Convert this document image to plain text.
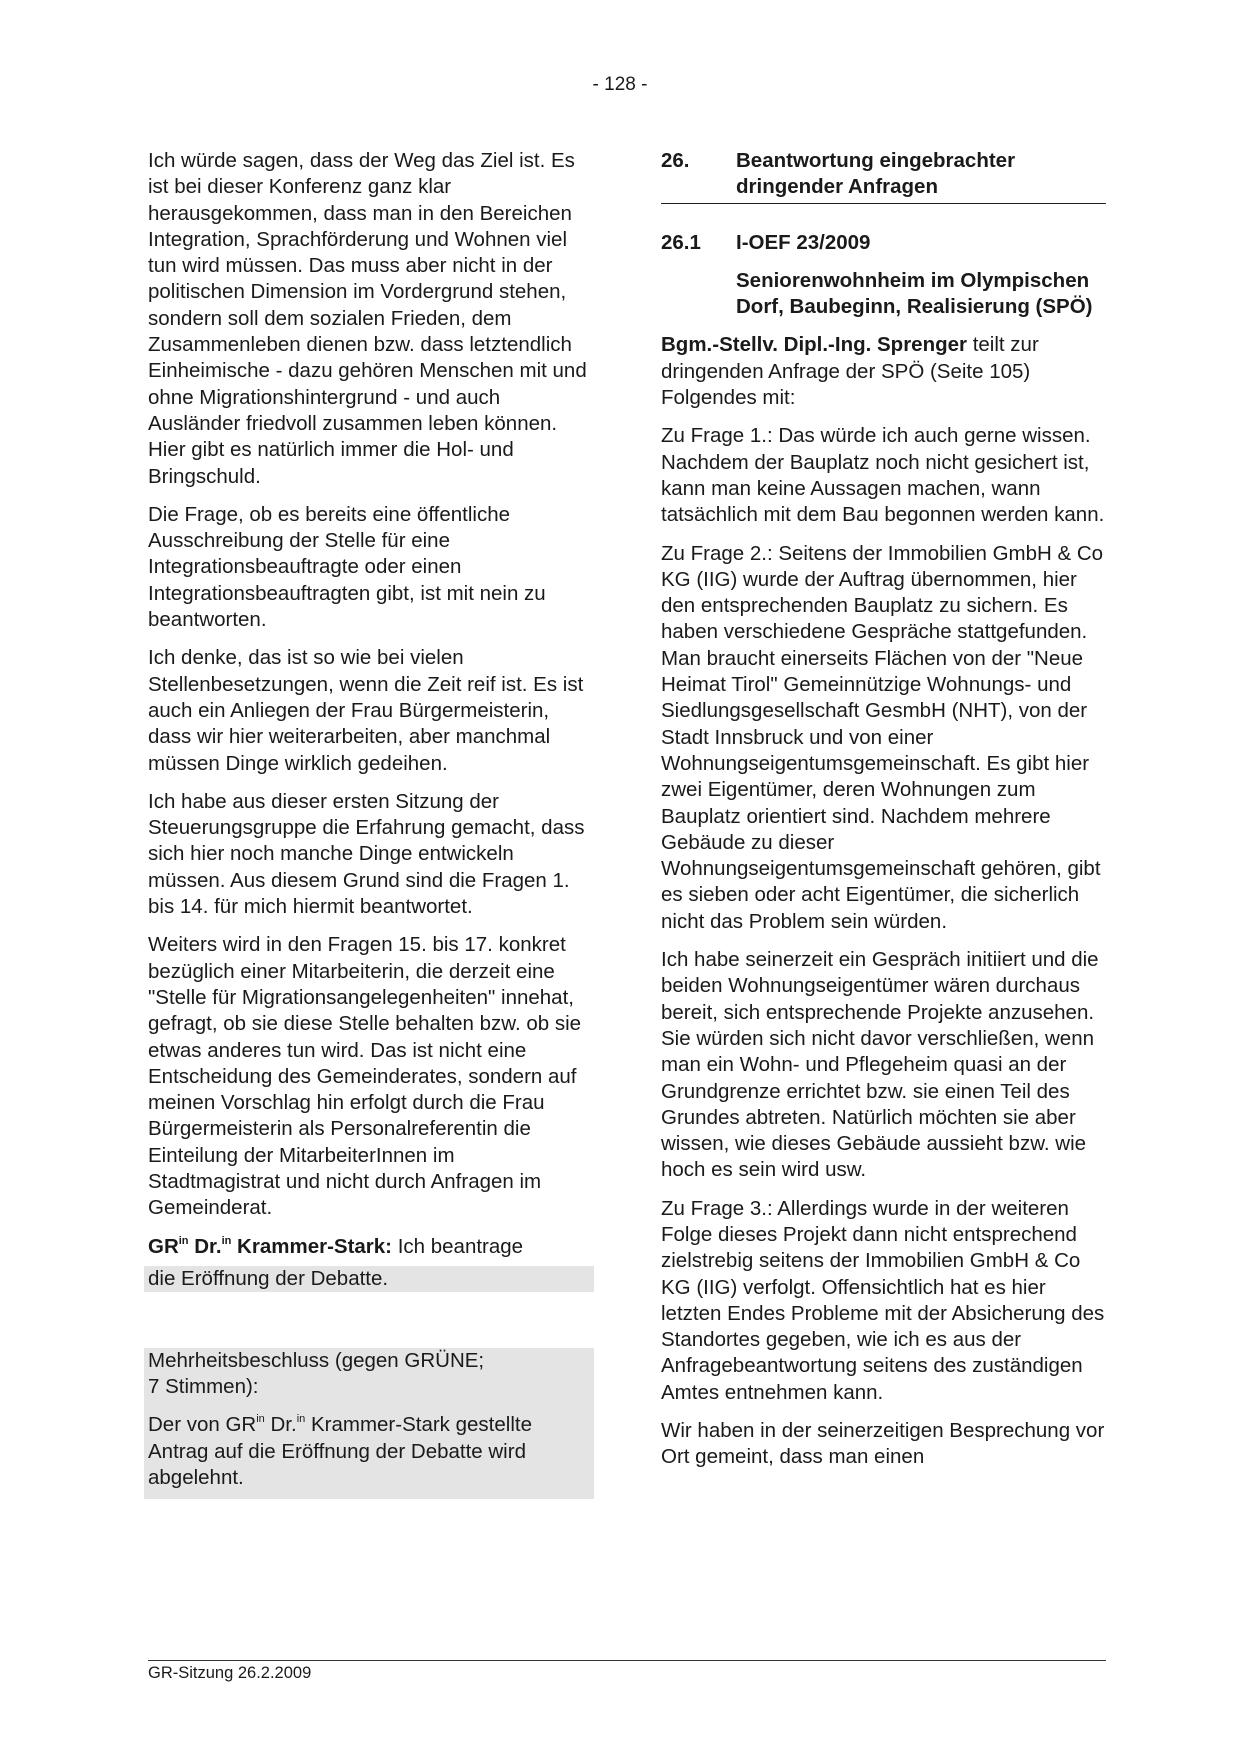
- 128 -

Ich würde sagen, dass der Weg das Ziel ist. Es ist bei dieser Konferenz ganz klar herausgekommen, dass man in den Bereichen Integration, Sprachförderung und Wohnen viel tun wird müssen. Das muss aber nicht in der politischen Dimension im Vordergrund stehen, sondern soll dem sozialen Frieden, dem Zusammenleben dienen bzw. dass letztendlich Einheimische - dazu gehören Menschen mit und ohne Migrationshintergrund - und auch Ausländer friedvoll zusammen leben können. Hier gibt es natürlich immer die Hol- und Bringschuld.

Die Frage, ob es bereits eine öffentliche Ausschreibung der Stelle für eine Integrationsbeauftragte oder einen Integrationsbeauftragten gibt, ist mit nein zu beantworten.

Ich denke, das ist so wie bei vielen Stellenbesetzungen, wenn die Zeit reif ist. Es ist auch ein Anliegen der Frau Bürgermeisterin, dass wir hier weiterarbeiten, aber manchmal müssen Dinge wirklich gedeihen.

Ich habe aus dieser ersten Sitzung der Steuerungsgruppe die Erfahrung gemacht, dass sich hier noch manche Dinge entwickeln müssen. Aus diesem Grund sind die Fragen 1. bis 14. für mich hiermit beantwortet.

Weiters wird in den Fragen 15. bis 17. konkret bezüglich einer Mitarbeiterin, die derzeit eine "Stelle für Migrationsangelegenheiten" innehat, gefragt, ob sie diese Stelle behalten bzw. ob sie etwas anderes tun wird. Das ist nicht eine Entscheidung des Gemeinderates, sondern auf meinen Vorschlag hin erfolgt durch die Frau Bürgermeisterin als Personalreferentin die Einteilung der MitarbeiterInnen im Stadtmagistrat und nicht durch Anfragen im Gemeinderat.

$GR^{in}$ Dr.$^{in}$ Krammer-Stark: Ich beantrage

die Eröffnung der Debatte.
Mehrheitsbeschluss (gegen GRÜNE;
7 Stimmen):
Der von $GR^{in}$ Dr.$^{in}$ Krammer-Stark gestellte Antrag auf die Eröffnung der Debatte wird abgelehnt.
26.	Beantwortung eingebrachter dringender Anfragen
26.1	I-OEF 23/2009
Seniorenwohnheim im Olympischen Dorf, Baubeginn, Realisierung (SPÖ)

Bgm.-Stellv. Dipl.-Ing. Sprenger teilt zur dringenden Anfrage der SPÖ (Seite 105) Folgendes mit:

Zu Frage 1.: Das würde ich auch gerne wissen. Nachdem der Bauplatz noch nicht gesichert ist, kann man keine Aussagen machen, wann tatsächlich mit dem Bau begonnen werden kann.

Zu Frage 2.: Seitens der Immobilien GmbH & Co KG (IIG) wurde der Auftrag übernommen, hier den entsprechenden Bauplatz zu sichern. Es haben verschiedene Gespräche stattgefunden. Man braucht einerseits Flächen von der "Neue Heimat Tirol" Gemeinnützige Wohnungs- und Siedlungsgesellschaft GesmbH (NHT), von der Stadt Innsbruck und von einer Wohnungseigentumsgemeinschaft. Es gibt hier zwei Eigentümer, deren Wohnungen zum Bauplatz orientiert sind. Nachdem mehrere Gebäude zu dieser Wohnungseigentumsgemeinschaft gehören, gibt es sieben oder acht Eigentümer, die sicherlich nicht das Problem sein würden.

Ich habe seinerzeit ein Gespräch initiiert und die beiden Wohnungseigentümer wären durchaus bereit, sich entsprechende Projekte anzusehen. Sie würden sich nicht davor verschließen, wenn man ein Wohn- und Pflegeheim quasi an der Grundgrenze errichtet bzw. sie einen Teil des Grundes abtreten. Natürlich möchten sie aber wissen, wie dieses Gebäude aussieht bzw. wie hoch es sein wird usw.

Zu Frage 3.: Allerdings wurde in der weiteren Folge dieses Projekt dann nicht entsprechend zielstrebig seitens der Immobilien GmbH & Co KG (IIG) verfolgt. Offensichtlich hat es hier letzten Endes Probleme mit der Absicherung des Standortes gegeben, wie ich es aus der Anfragebeantwortung seitens des zuständigen Amtes entnehmen kann.

Wir haben in der seinerzeitigen Besprechung vor Ort gemeint, dass man einen

GR-Sitzung 26.2.2009
